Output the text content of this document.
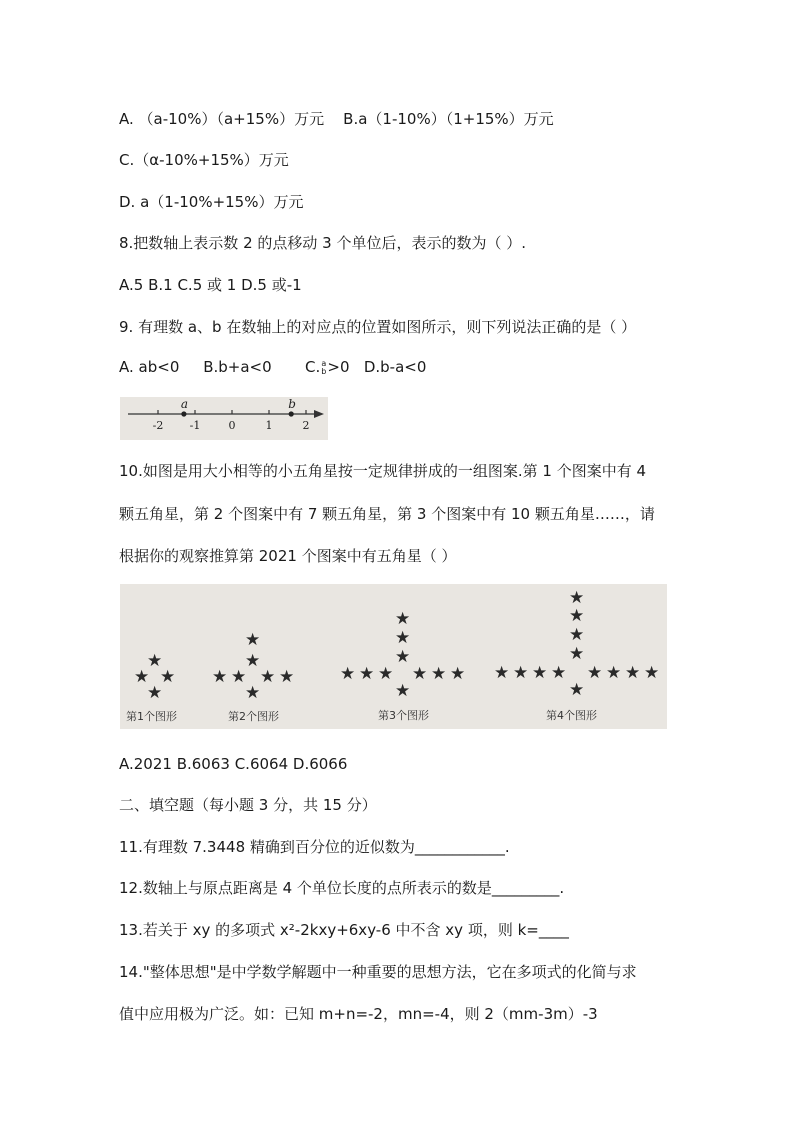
A. （a-10%）（a+15%）万元 B.a（1-10%）（1+15%）万元
C.（α-10%+15%）万元
D. a（1-10%+15%）万元
8.把数轴上表示数 2 的点移动 3 个单位后，表示的数为（ ）.
A.5 B.1 C.5 或 1 D.5 或-1
9. 有理数 a、b 在数轴上的对应点的位置如图所示，则下列说法正确的是（ ）
A. ab<0 B.b+a<0 C. a
b >0 D.b-a<0
-2 -1	0	1	2
a	b
10.如图是用大小相等的小五角星按一定规律拼成的一组图案.第 1 个图案中有 4
颗五角星，第 2 个图案中有 7 颗五角星，第 3 个图案中有 10 颗五角星……，请
根据你的观察推算第 2021 个图案中有五角星（ ）
★
★ ★
★
第1个图形
★
★
★ ★ ★ ★
★
第2个图形
★
★
★
★ ★ ★ ★ ★ ★
★
第3个图形
★
★
★
★
★ ★ ★ ★ ★ ★ ★ ★
★
第4个图形
A.2021 B.6063 C.6064 D.6066
二、填空题（每小题 3 分，共 15 分）
11.有理数 7.3448 精确到百分位的近似数为____________.
12.数轴上与原点距离是 4 个单位长度的点所表示的数是_________.
13.若关于 xy 的多项式 x²-2kxy+6xy-6 中不含 xy 项，则 k=____
14."整体思想"是中学数学解题中一种重要的思想方法，它在多项式的化简与求
值中应用极为广泛。如：已知 m+n=-2，mn=-4，则 2（mm-3m）-3
